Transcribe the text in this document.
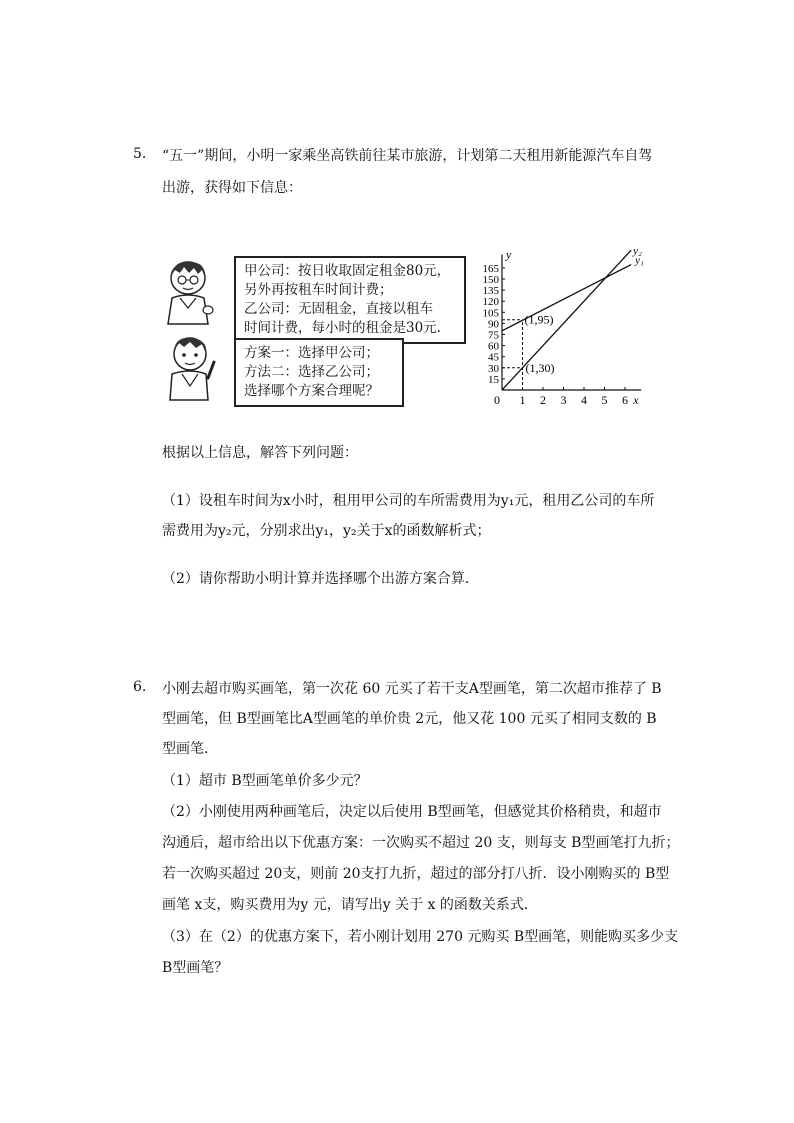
5. “五一”期间，小明一家乘坐高铁前往某市旅游，计划第二天租用新能源汽车自驾
出游，获得如下信息：
甲公司：按日收取固定租金80元，
另外再按租车时间计费；
乙公司：无固租金，直接以租车
时间计费，每小时的租金是30元.
方案一：选择甲公司；
方法二：选择乙公司；
选择哪个方案合理呢？
x
y
0 1 2 3 4 5 6
15
30
45
60
75
90
105
120
135
150
165
y₂
y₁
(1,95)
(1,30)
根据以上信息，解答下列问题：
（1）设租车时间为x小时，租用甲公司的车所需费用为y₁元，租用乙公司的车所
需费用为y₂元，分别求出y₁，y₂关于x的函数解析式；
（2）请你帮助小明计算并选择哪个出游方案合算．
6. 小刚去超市购买画笔，第一次花 60 元买了若干支A型画笔，第二次超市推荐了 B
型画笔，但 B型画笔比A型画笔的单价贵 2元，他又花 100 元买了相同支数的 B
型画笔．
（1）超市 B型画笔单价多少元？
（2）小刚使用两种画笔后，决定以后使用 B型画笔，但感觉其价格稍贵，和超市
沟通后，超市给出以下优惠方案：一次购买不超过 20 支，则每支 B型画笔打九折；
若一次购买超过 20支，则前 20支打九折，超过的部分打八折．设小刚购买的 B型
画笔 x支，购买费用为y 元，请写出y 关于 x 的函数关系式．
（3）在（2）的优惠方案下，若小刚计划用 270 元购买 B型画笔，则能购买多少支
B型画笔？
